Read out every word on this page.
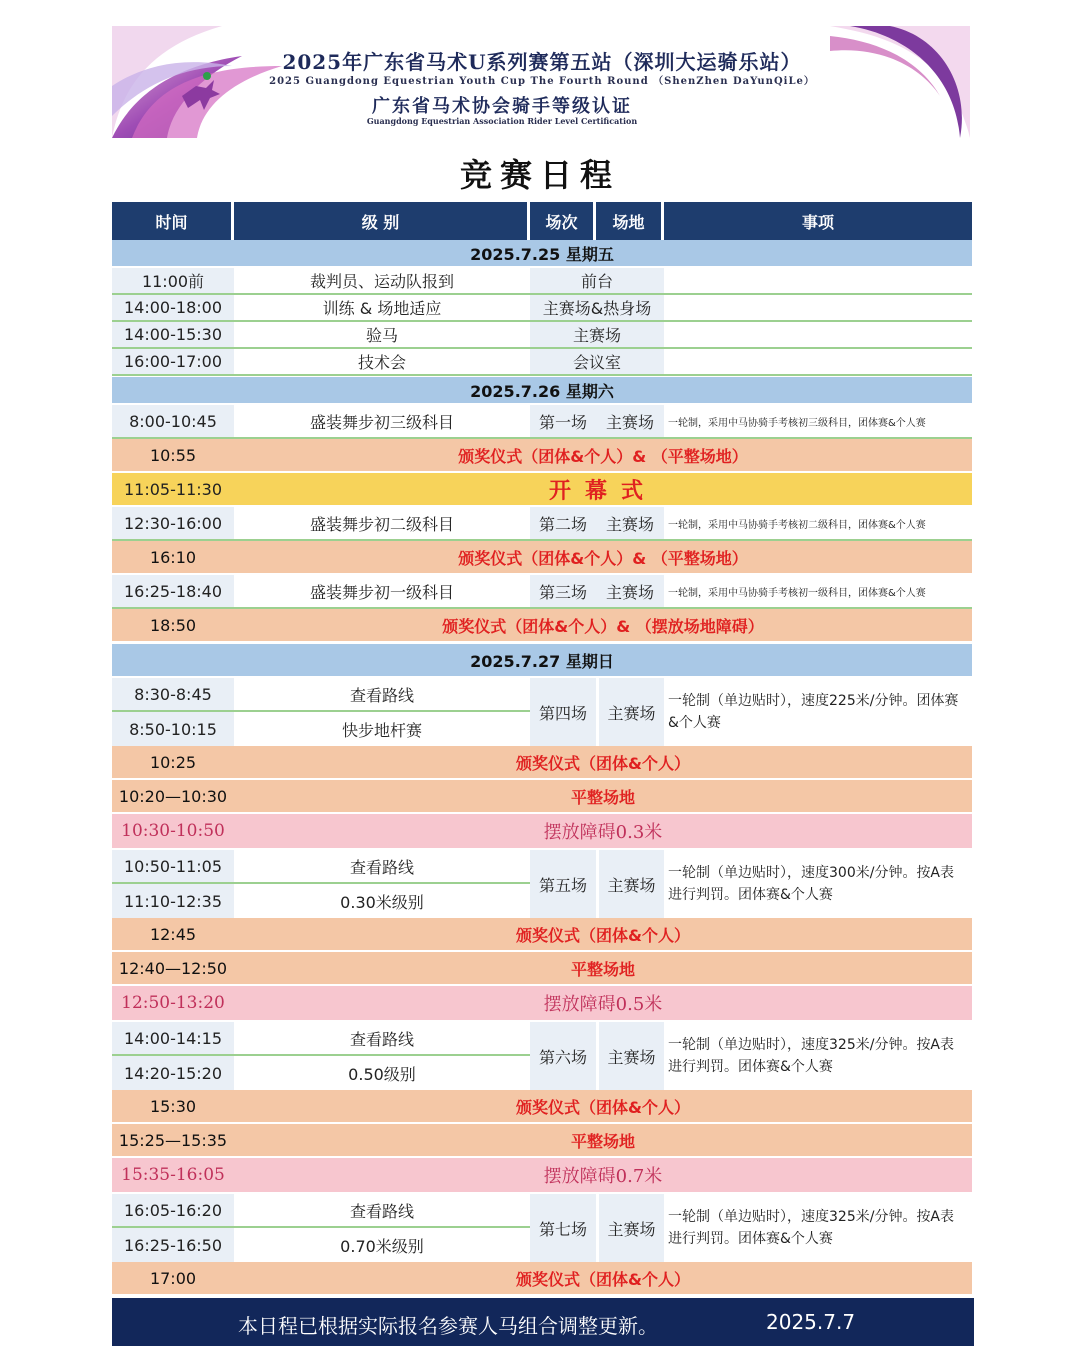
2025年广东省马术U系列赛第五站（深圳大运骑乐站）
2025 Guangdong Equestrian Youth Cup The Fourth Round （ShenZhen DaYunQiLe）
广东省马术协会骑手等级认证
Guangdong Equestrian Association Rider Level Certification
竞赛日程
时间	级 别	场次	场地	事项
2025.7.25 星期五
11:00前	裁判员、运动队报到	前台
14:00-18:00	训练 & 场地适应	主赛场&热身场
14:00-15:30	验马	主赛场
16:00-17:00	技术会	会议室
2025.7.26 星期六
8:00-10:45	盛装舞步初三级科目	第一场	主赛场	一轮制，采用中马协骑手考核初三级科目，团体赛&个人赛
10:55	颁奖仪式（团体&个人）& （平整场地）
11:05-11:30	开幕式
12:30-16:00	盛装舞步初二级科目	第二场	主赛场	一轮制，采用中马协骑手考核初二级科目，团体赛&个人赛
16:10	颁奖仪式（团体&个人）& （平整场地）
16:25-18:40	盛装舞步初一级科目	第三场	主赛场	一轮制，采用中马协骑手考核初一级科目，团体赛&个人赛
18:50	颁奖仪式（团体&个人）& （摆放场地障碍）
2025.7.27 星期日
8:30-8:45	查看路线
8:50-10:15	快步地杆赛
第四场	主赛场
一轮制（单边贴时），速度225米/分钟。团体赛&个人赛
10:25	颁奖仪式（团体&个人）
10:20—10:30	平整场地
10:30-10:50	摆放障碍0.3米
10:50-11:05	查看路线
11:10-12:35	0.30米级别
第五场	主赛场
一轮制（单边贴时），速度300米/分钟。按A表进行判罚。团体赛&个人赛
12:45	颁奖仪式（团体&个人）
12:40—12:50	平整场地
12:50-13:20	摆放障碍0.5米
14:00-14:15	查看路线
14:20-15:20	0.50级别
第六场	主赛场
一轮制（单边贴时），速度325米/分钟。按A表进行判罚。团体赛&个人赛
15:30	颁奖仪式（团体&个人）
15:25—15:35	平整场地
15:35-16:05	摆放障碍0.7米
16:05-16:20	查看路线
16:25-16:50	0.70米级别
第七场	主赛场
一轮制（单边贴时），速度325米/分钟。按A表进行判罚。团体赛&个人赛
17:00	颁奖仪式（团体&个人）
本日程已根据实际报名参赛人马组合调整更新。	2025.7.7
